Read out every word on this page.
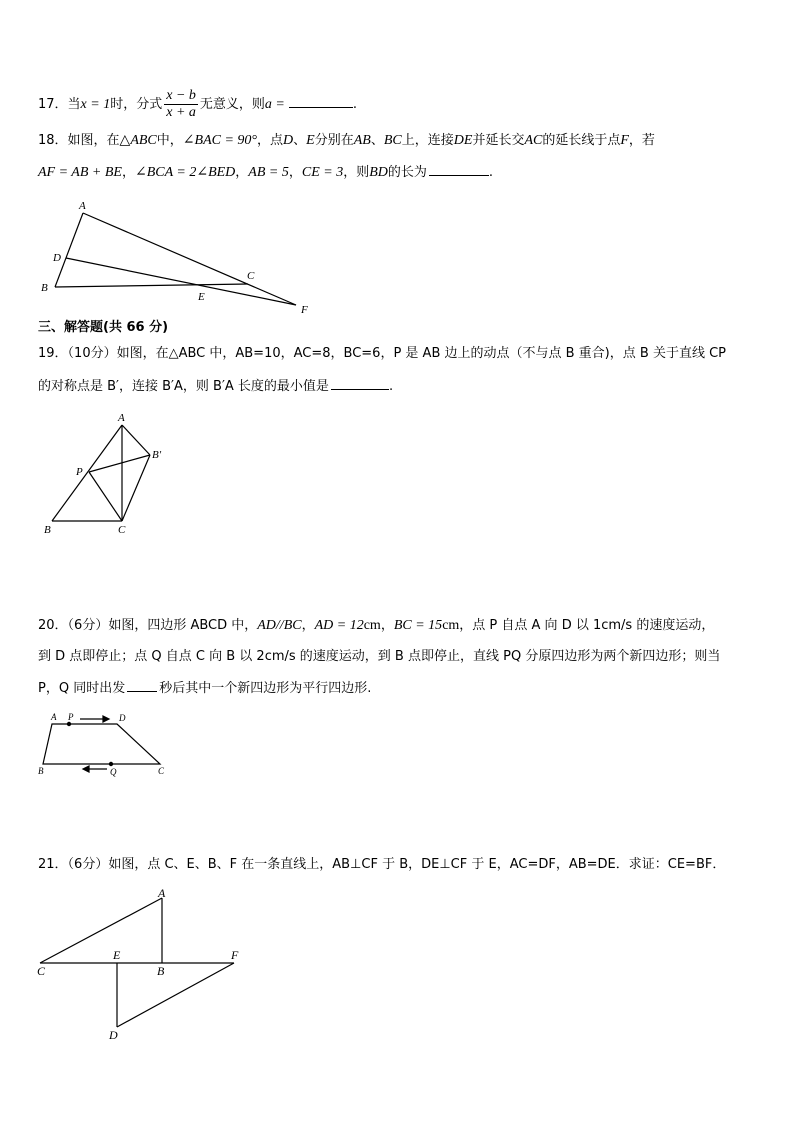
17．当x = 1时，分式 $\frac{x - b}{x + a}$ 无意义，则a =	.
18．如图，在△ABC中，∠BAC = 90°，点D、E分别在AB、BC上，连接DE并延长交AC的延长线于点F，若
AF = AB + BE，∠BCA = 2∠BED，AB = 5，CE = 3，则BD的长为	.
A
D
B
E
C
F
三、解答题(共 66 分)
19．（10分）如图，在△ABC 中，AB=10，AC=8，BC=6，P 是 AB 边上的动点（不与点 B 重合)，点 B 关于直线 CP
的对称点是 B′，连接 B′A，则 B′A 长度的最小值是	.
A
B′
P
B	C
20．（6分）如图，四边形 ABCD 中，AD//BC，AD = 12cm，BC = 15cm，点 P 自点 A 向 D 以 1cm/s 的速度运动，
到 D 点即停止；点 Q 自点 C 向 B 以 2cm/s 的速度运动，到 B 点即停止，直线 PQ 分原四边形为两个新四边形；则当
P，Q 同时出发	秒后其中一个新四边形为平行四边形.
A P	D
B	Q	C
21．（6分）如图，点 C、E、B、F 在一条直线上，AB⊥CF 于 B，DE⊥CF 于 E，AC=DF，AB=DE．求证：CE=BF．
A
C
E
B
F
D
